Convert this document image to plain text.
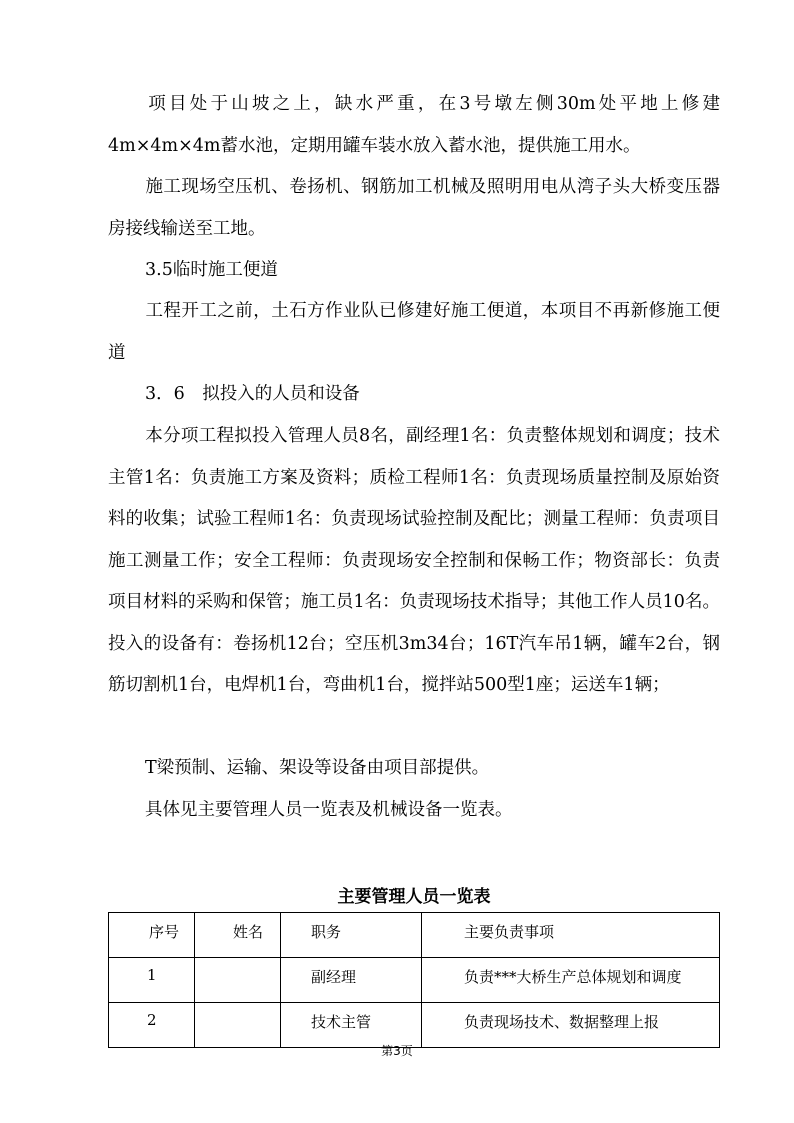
项目处于山坡之上，缺水严重，在3号墩左侧30m处平地上修建4m×4m×4m蓄水池，定期用罐车装水放入蓄水池，提供施工用水。

施工现场空压机、卷扬机、钢筋加工机械及照明用电从湾子头大桥变压器房接线输送至工地。

3.5临时施工便道

工程开工之前，土石方作业队已修建好施工便道，本项目不再新修施工便道

3．6　拟投入的人员和设备

本分项工程拟投入管理人员8名，副经理1名：负责整体规划和调度；技术主管1名：负责施工方案及资料；质检工程师1名：负责现场质量控制及原始资料的收集；试验工程师1名：负责现场试验控制及配比；测量工程师：负责项目施工测量工作；安全工程师：负责现场安全控制和保畅工作；物资部长：负责项目材料的采购和保管；施工员1名：负责现场技术指导；其他工作人员10名。投入的设备有：卷扬机12台；空压机3m34台；16T汽车吊1辆，罐车2台，钢筋切割机1台，电焊机1台，弯曲机1台，搅拌站500型1座；运送车1辆；

T梁预制、运输、架设等设备由项目部提供。

具体见主要管理人员一览表及机械设备一览表。

主要管理人员一览表
序号	姓名	职务	主要负责事项

1		副经理	负责***大桥生产总体规划和调度

2		技术主管	负责现场技术、数据整理上报
第3页
